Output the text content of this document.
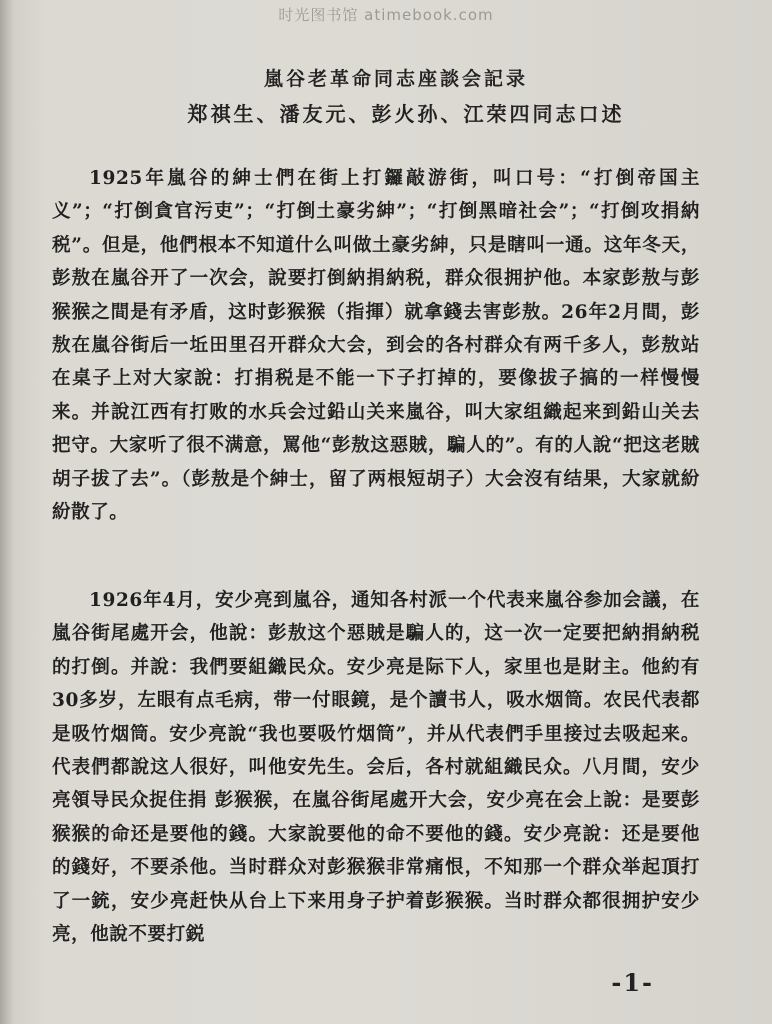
时光图书馆 atimebook.com
嵐谷老革命同志座談会記录
郑祺生、潘友元、彭火孙、江荣四同志口述

1925年嵐谷的紳士們在街上打鑼敲游街，叫口号：“打倒帝国主义”；“打倒貪官污吏”；“打倒土豪劣紳”；“打倒黑暗社会”；“打倒攻捐納税”。但是，他們根本不知道什么叫做土豪劣紳，只是瞎叫一通。这年冬天，彭敖在嵐谷开了一次会，說要打倒納捐納税，群众很拥护他。本家彭敖与彭猴猴之間是有矛盾，这时彭猴猴（指揮）就拿錢去害彭敖。26年2月間，彭敖在嵐谷街后一坵田里召开群众大会，到会的各村群众有两千多人，彭敖站在桌子上对大家說：打捐税是不能一下子打掉的，要像拔子搞的一样慢慢来。并說江西有打败的水兵会过鉛山关来嵐谷，叫大家组織起来到鉛山关去把守。大家听了很不满意，罵他“彭敖这惡賊，騙人的”。有的人說“把这老賊胡子拔了去”。（彭敖是个紳士，留了两根短胡子）大会沒有结果，大家就紛紛散了。

1926年4月，安少亮到嵐谷，通知各村派一个代表来嵐谷参加会議，在嵐谷街尾處开会，他說：彭敖这个惡賊是騙人的，这一次一定要把納捐納税的打倒。并說：我們要組織民众。安少亮是际下人，家里也是財主。他約有30多岁，左眼有点毛病，带一付眼鏡，是个讀书人，吸水烟筒。农民代表都是吸竹烟筒。安少亮說“我也要吸竹烟筒”，并从代表們手里接过去吸起来。代表們都說这人很好，叫他安先生。会后，各村就組織民众。八月間，安少亮領导民众捉住捐 彭猴猴，在嵐谷街尾處开大会，安少亮在会上說：是要彭猴猴的命还是要他的錢。大家說要他的命不要他的錢。安少亮說：还是要他的錢好，不要杀他。当时群众对彭猴猴非常痛恨，不知那一个群众举起頂打了一銃，安少亮赶快从台上下来用身子护着彭猴猴。当时群众都很拥护安少亮，他說不要打鋭

-1-
